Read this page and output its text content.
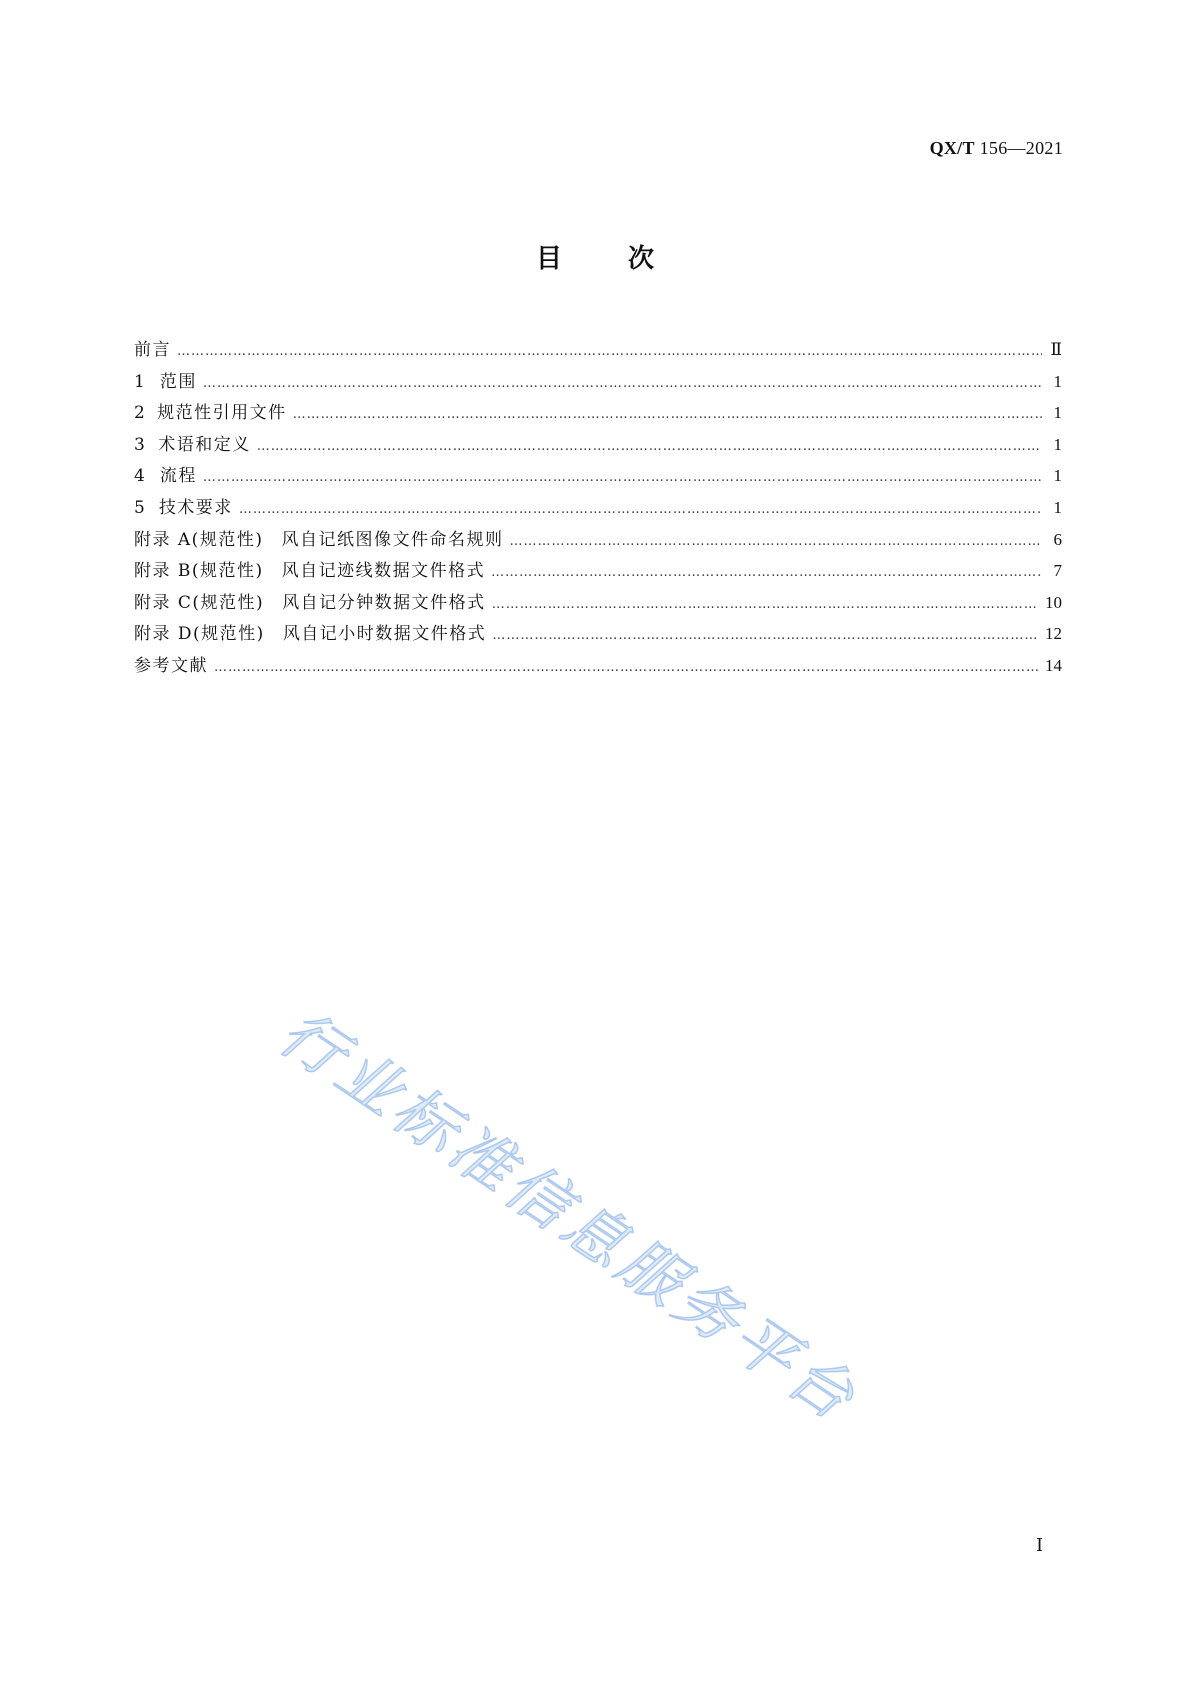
QX/T 156—2021
目	次
前言 ……………………………………………………………………………………………………………………………………………………………………………………………………	Ⅱ
1 范围 ……………………………………………………………………………………………………………………………………………………………………………………………………	1
2 规范性引用文件 ……………………………………………………………………………………………………………………………………………………………………………………………………	1
3 术语和定义 ……………………………………………………………………………………………………………………………………………………………………………………………………	1
4 流程 ……………………………………………………………………………………………………………………………………………………………………………………………………	1
5 技术要求 ……………………………………………………………………………………………………………………………………………………………………………………………………	1
附录 A(规范性) 风自记纸图像文件命名规则 ……………………………………………………………………………………………………………………………………………………………………………………………………	6
附录 B(规范性) 风自记迹线数据文件格式 ……………………………………………………………………………………………………………………………………………………………………………………………………	7
附录 C(规范性) 风自记分钟数据文件格式 ……………………………………………………………………………………………………………………………………………………………………………………………………	10
附录 D(规范性) 风自记小时数据文件格式 ……………………………………………………………………………………………………………………………………………………………………………………………………	12
参考文献 ……………………………………………………………………………………………………………………………………………………………………………………………………	14
行业标准信息服务平台
Ⅰ
